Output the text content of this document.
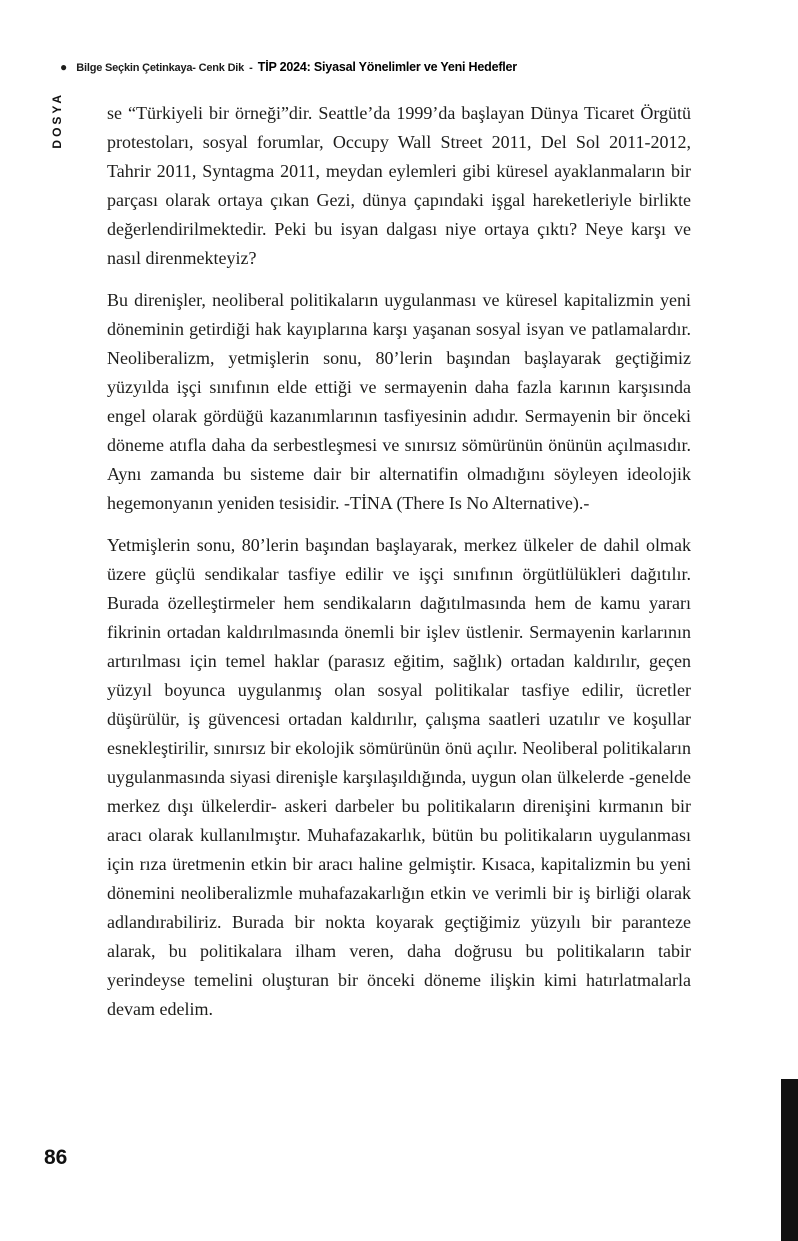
● Bilge Seçkin Çetinkaya- Cenk Dik - TİP 2024: Siyasal Yönelimler ve Yeni Hedefler
DOSYA se “Türkiyeli bir örneği”dir. Seattle’da 1999’da başlayan Dünya Ticaret Örgütü protestoları, sosyal forumlar, Occupy Wall Street 2011, Del Sol 2011-2012, Tahrir 2011, Syntagma 2011, meydan eylemleri gibi küresel ayaklanmaların bir parçası olarak ortaya çıkan Gezi, dünya çapındaki işgal hareketleriyle birlikte değerlendirilmektedir. Peki bu isyan dalgası niye ortaya çıktı? Neye karşı ve nasıl direnmekteyiz?

Bu direnişler, neoliberal politikaların uygulanması ve küresel kapitalizmin yeni döneminin getirdiği hak kayıplarına karşı yaşanan sosyal isyan ve patlamalardır. Neoliberalizm, yetmişlerin sonu, 80’lerin başından başlayarak geçtiğimiz yüzyılda işçi sınıfının elde ettiği ve sermayenin daha fazla karının karşısında engel olarak gördüğü kazanımlarının tasfiyesinin adıdır. Sermayenin bir önceki döneme atıfla daha da serbestleşmesi ve sınırsız sömürünün önünün açılmasıdır. Aynı zamanda bu sisteme dair bir alternatifin olmadığını söyleyen ideolojik hegemonyanın yeniden tesisidir. -TİNA (There Is No Alternative).-

Yetmişlerin sonu, 80’lerin başından başlayarak, merkez ülkeler de dahil olmak üzere güçlü sendikalar tasfiye edilir ve işçi sınıfının örgütlülükleri dağıtılır. Burada özelleştirmeler hem sendikaların dağıtılmasında hem de kamu yararı fikrinin ortadan kaldırılmasında önemli bir işlev üstlenir. Sermayenin karlarının artırılması için temel haklar (parasız eğitim, sağlık) ortadan kaldırılır, geçen yüzyıl boyunca uygulanmış olan sosyal politikalar tasfiye edilir, ücretler düşürülür, iş güvencesi ortadan kaldırılır, çalışma saatleri uzatılır ve koşullar esnekleştirilir, sınırsız bir ekolojik sömürünün önü açılır. Neoliberal politikaların uygulanmasında siyasi direnişle karşılaşıldığında, uygun olan ülkelerde -genelde merkez dışı ülkelerdir- askeri darbeler bu politikaların direnişini kırmanın bir aracı olarak kullanılmıştır. Muhafazakarlık, bütün bu politikaların uygulanması için rıza üretmenin etkin bir aracı haline gelmiştir. Kısaca, kapitalizmin bu yeni dönemini neoliberalizmle muhafazakarlığın etkin ve verimli bir iş birliği olarak adlandırabiliriz. Burada bir nokta koyarak geçtiğimiz yüzyılı bir paranteze alarak, bu politikalara ilham veren, daha doğrusu bu politikaların tabir yerindeyse temelini oluşturan bir önceki döneme ilişkin kimi hatırlatmalarla devam edelim.

86
